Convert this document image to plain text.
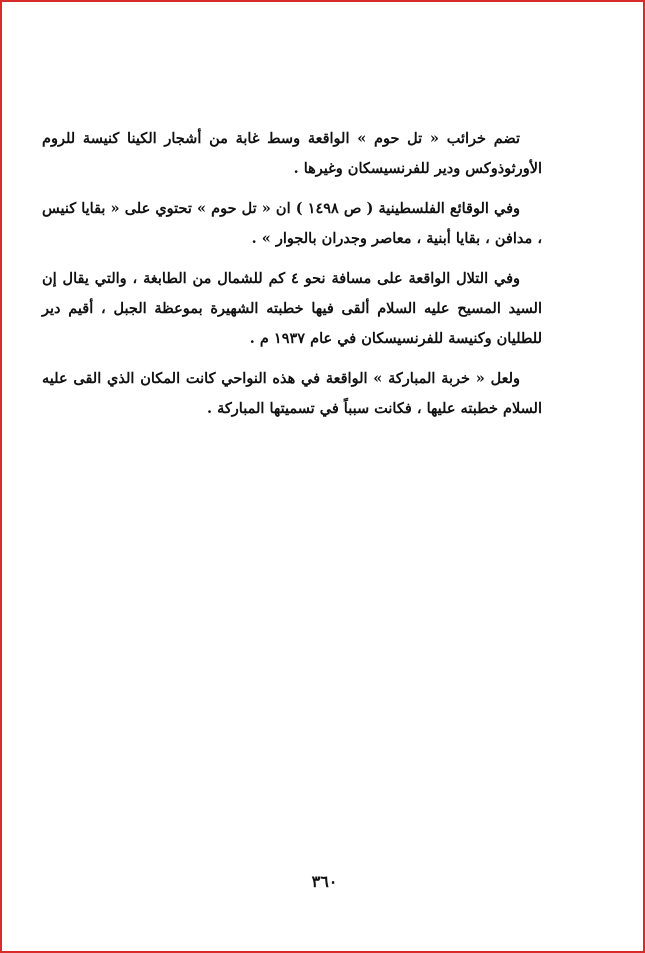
تضم خرائب « تل حوم » الواقعة وسط غابة من أشجار الكينا كنيسة للروم الأورثوذوكس ودير للفرنسيسكان وغيرها .

وفي الوقائع الفلسطينية ( ص ١٤٩٨ ) ان « تل حوم » تحتوي على « بقايا كنيس ، مدافن ، بقايا أبنية ، معاصر وجدران بالجوار » .

وفي التلال الواقعة على مسافة نحو ٤ كم للشمال من الطابغة ، والتي يقال إن السيد المسيح عليه السلام ألقى فيها خطبته الشهيرة بموعظة الجبل ، أقيم دير للطليان وكنيسة للفرنسيسكان في عام ١٩٣٧ م .

ولعل « خربة المباركة » الواقعة في هذه النواحي كانت المكان الذي القى عليه السلام خطبته عليها ، فكانت سبباً في تسميتها المباركة .

٣٦٠
